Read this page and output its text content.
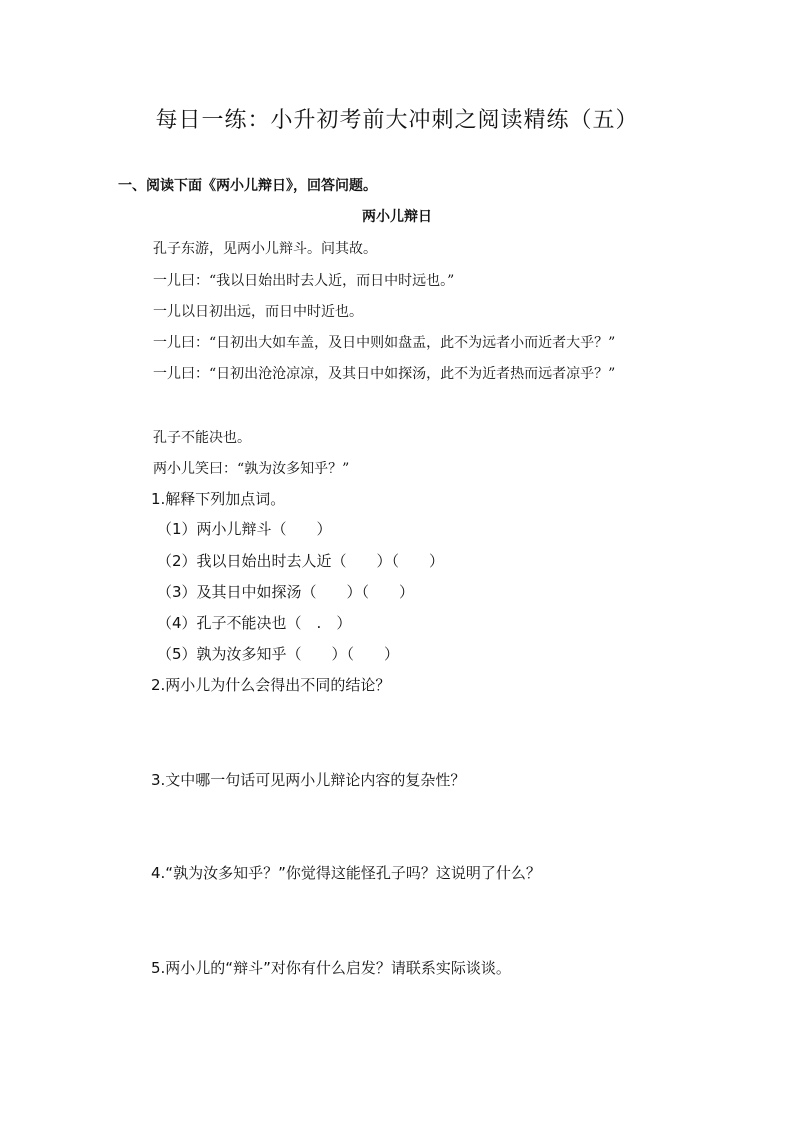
每日一练：小升初考前大冲刺之阅读精练（五）
一、阅读下面《两小儿辩日》，回答问题。
两小儿辩日
孔子东游，见两小儿辩斗。问其故。
一儿曰：“我以日始出时去人近，而日中时远也。”
一儿以日初出远，而日中时近也。
一儿曰：“日初出大如车盖，及日中则如盘盂，此不为远者小而近者大乎？”
一儿曰：“日初出沧沧凉凉，及其日中如探汤，此不为近者热而远者凉乎？”
孔子不能决也。
两小儿笑曰：“孰为汝多知乎？”
1.解释下列加点词。
（1）两小儿辩斗（　　）
（2）我以日始出时去人近（　　）（　　）
（3）及其日中如探汤（　　）（　　）
（4）孔子不能决也（　.　）
（5）孰为汝多知乎（　　）（　　）
2.两小儿为什么会得出不同的结论？
3.文中哪一句话可见两小儿辩论内容的复杂性？
4.“孰为汝多知乎？”你觉得这能怪孔子吗？这说明了什么？
5.两小儿的“辩斗”对你有什么启发？请联系实际谈谈。
